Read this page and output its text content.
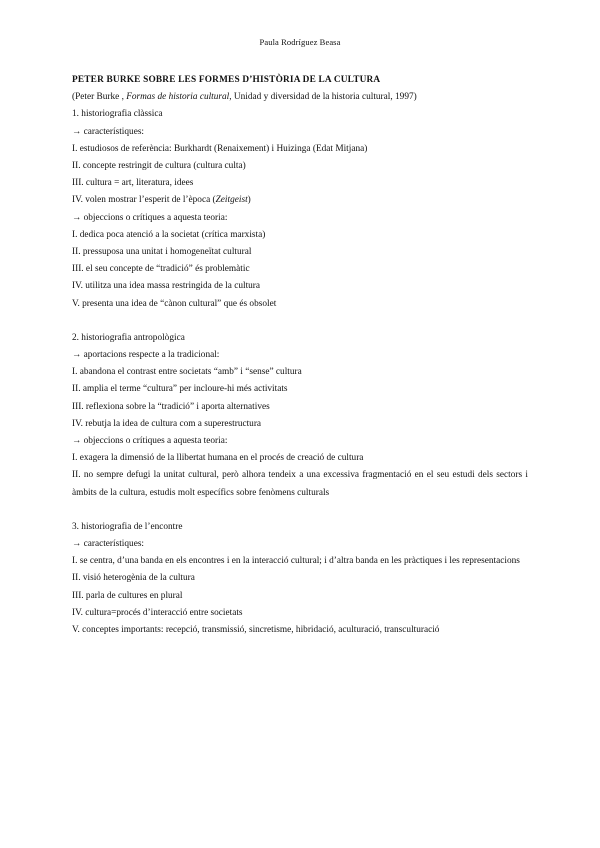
Paula Rodríguez Beasa
PETER BURKE SOBRE LES FORMES D’HISTÒRIA DE LA CULTURA
(Peter Burke , Formas de historia cultural, Unidad y diversidad de la historia cultural, 1997)
1. historiografia clàssica
→ característiques:
I. estudiosos de referència: Burkhardt (Renaixement) i Huizinga (Edat Mitjana)
II. concepte restringit de cultura (cultura culta)
III. cultura = art, literatura, idees
IV. volen mostrar l’esperit de l’època (Zeitgeist)
→ objeccions o crítiques a aquesta teoria:
I. dedica poca atenció a la societat (crítica marxista)
II. pressuposa una unitat i homogeneïtat cultural
III. el seu concepte de “tradició” és problemàtic
IV. utilitza una idea massa restringida de la cultura
V. presenta una idea de “cànon cultural” que és obsolet
2. historiografia antropològica
→ aportacions respecte a la tradicional:
I. abandona el contrast entre societats “amb” i “sense” cultura
II. amplia el terme “cultura” per incloure-hi més activitats
III. reflexiona sobre la “tradició” i aporta alternatives
IV. rebutja la idea de cultura com a superestructura
→ objeccions o crítiques a aquesta teoria:
I. exagera la dimensió de la llibertat humana en el procés de creació de cultura
II. no sempre defugi la unitat cultural, però alhora tendeix a una excessiva fragmentació en el seu estudi dels sectors i àmbits de la cultura, estudis molt específics sobre fenòmens culturals
3. historiografia de l’encontre
→ característiques:
I. se centra, d’una banda en els encontres i en la interacció cultural; i d’altra banda en les pràctiques i les representacions
II. visió heterogènia de la cultura
III. parla de cultures en plural
IV. cultura=procés d’interacció entre societats
V. conceptes importants: recepció, transmissió, sincretisme, hibridació, aculturació, transculturació
